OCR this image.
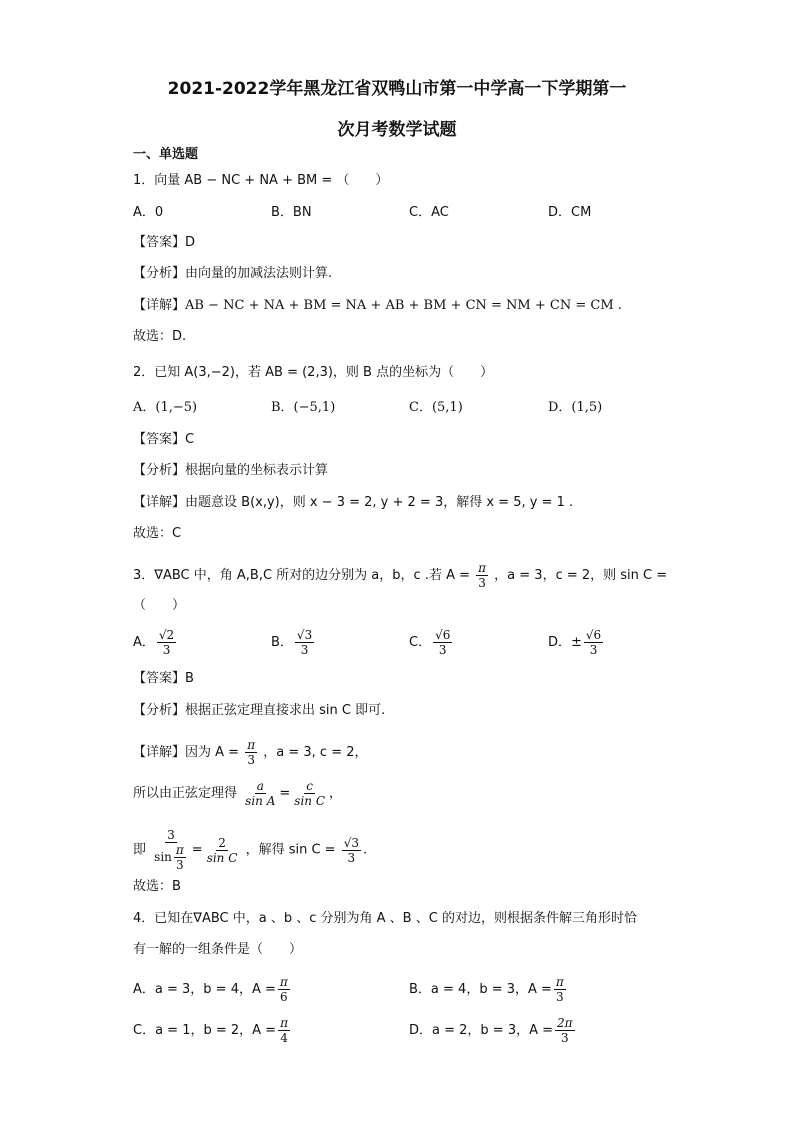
2021-2022学年黑龙江省双鸭山市第一中学高一下学期第一
次月考数学试题
一、单选题
1．向量 AB − NC + NA + BM = （　　）
A．0	B．BN	C．AC	D．CM
【答案】D
【分析】由向量的加减法法则计算.
【详解】AB − NC + NA + BM = NA + AB + BM + CN = NM + CN = CM .
故选：D.
2．已知 A(3,−2)，若 AB = (2,3)，则 B 点的坐标为（　　）
A．(1,−5)	B．(−5,1)	C．(5,1)	D．(1,5)
【答案】C
【分析】根据向量的坐标表示计算
【详解】由题意设 B(x,y)，则 x − 3 = 2, y + 2 = 3，解得 x = 5, y = 1 .
故选：C
3．∇ABC 中，角 A,B,C 所对的边分别为 a，b，c .若 $A = \frac{\pi}{3}$ ，a = 3，c = 2，则 sin C =
（　　）
A． $\frac{√2}{3}$	B． $\frac{√3}{3}$	C． $\frac{√6}{3}$	D．± $\frac{√6}{3}$
【答案】B
【分析】根据正弦定理直接求出 sin C 即可.
【详解】因为 $A = \frac{\pi}{3}$ ，a = 3, c = 2，
所以由正弦定理得 $\frac{a}{\text{sin A}} = \frac{c}{\text{sin C}}$ ，
即 $\frac{3}{\sin \frac{\pi}{3}} = \frac{2}{\text{sin C}}$ ，解得 $\sin C = \frac{√3}{3}$ .
故选：B
4．已知在∇ABC 中，a 、b 、c 分别为角 A 、B 、C 的对边，则根据条件解三角形时恰
有一解的一组条件是（　　）
A．a = 3，b = 4，$A = \frac{\pi}{6}$	B．a = 4，b = 3，$A = \frac{\pi}{3}$
C．a = 1，b = 2，$A = \frac{\pi}{4}$	D．a = 2，b = 3，$A = \frac{2\pi}{3}$
